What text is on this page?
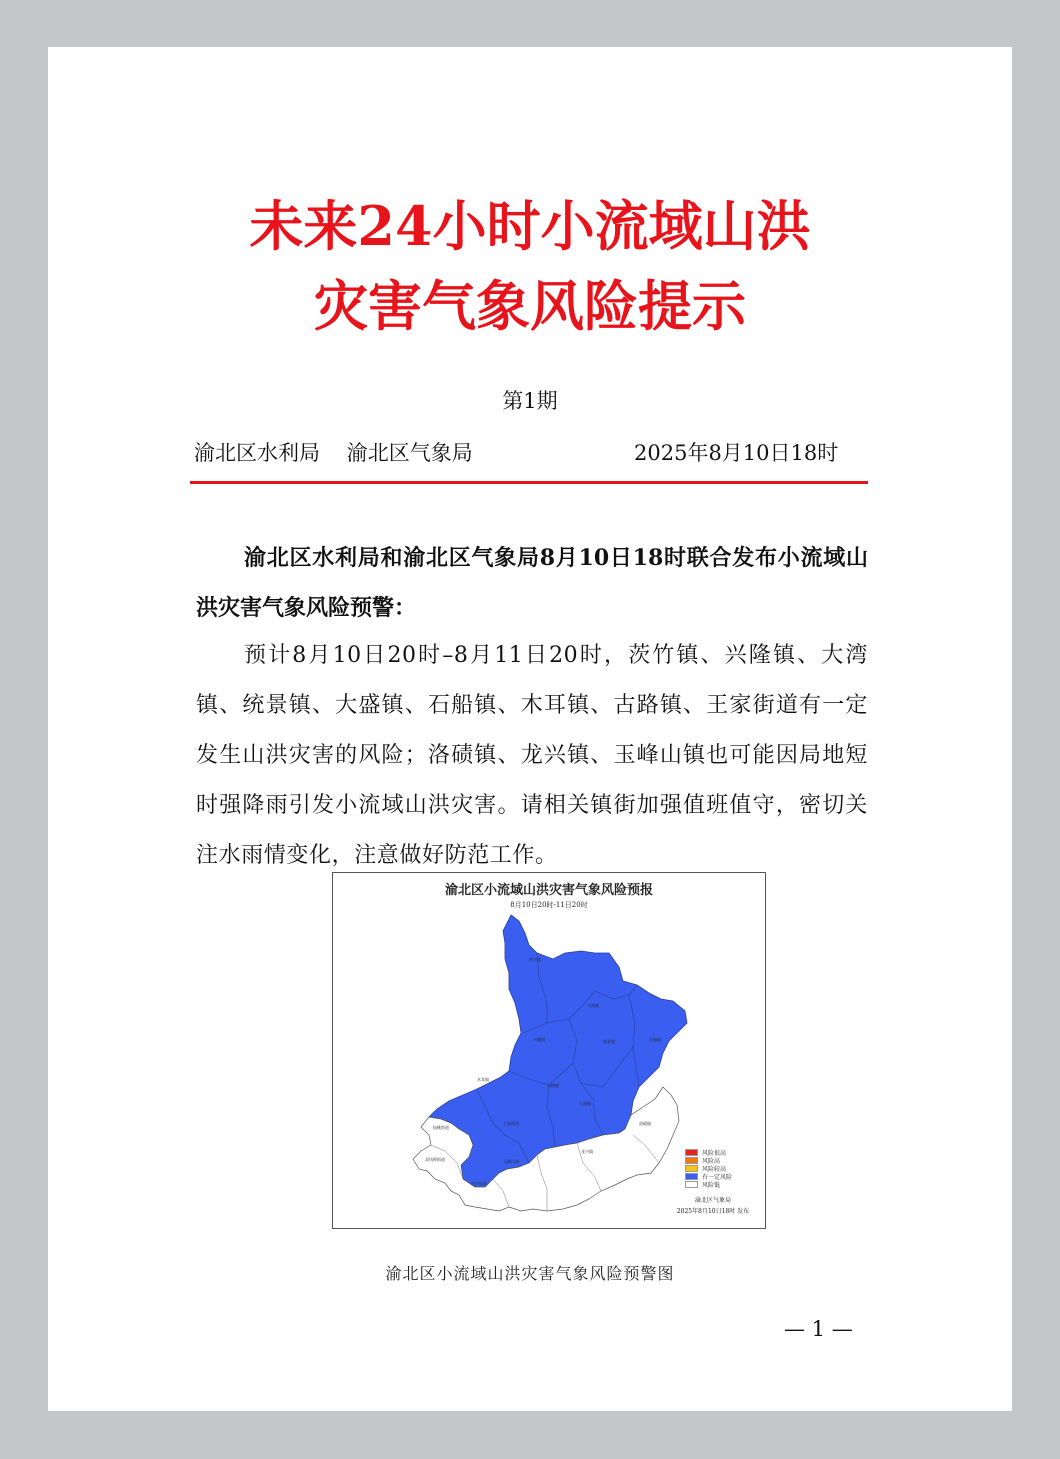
未来24小时小流域山洪
灾害气象风险提示
第1期
渝北区水利局    渝北区气象局	2025年8月10日18时

渝北区水利局和渝北区气象局8月10日18时联合发布小流域山洪灾害气象风险预警：

预计8月10日20时–8月11日20时，茨竹镇、兴隆镇、大湾镇、统景镇、大盛镇、石船镇、木耳镇、古路镇、王家街道有一定发生山洪灾害的风险；洛碛镇、龙兴镇、玉峰山镇也可能因局地短时强降雨引发小流域山洪灾害。请相关镇街加强值班值守，密切关注水雨情变化，注意做好防范工作。

茨竹镇
大湾镇
兴隆镇	统景镇	石船镇
木耳镇
古路镇
大盛镇
王家街道	洛碛镇
龙兴镇
玉峰山镇
仙桃街道
双凤桥街道
回兴街道
渝北区小流域山洪灾害气象风险预报
8月10日20时-11日20时
风险很高
风险高
风险较高
有一定风险
风险低
渝北区气象局
2025年8月10日18时 发布
渝北区小流域山洪灾害气象风险预警图
— 1 —
